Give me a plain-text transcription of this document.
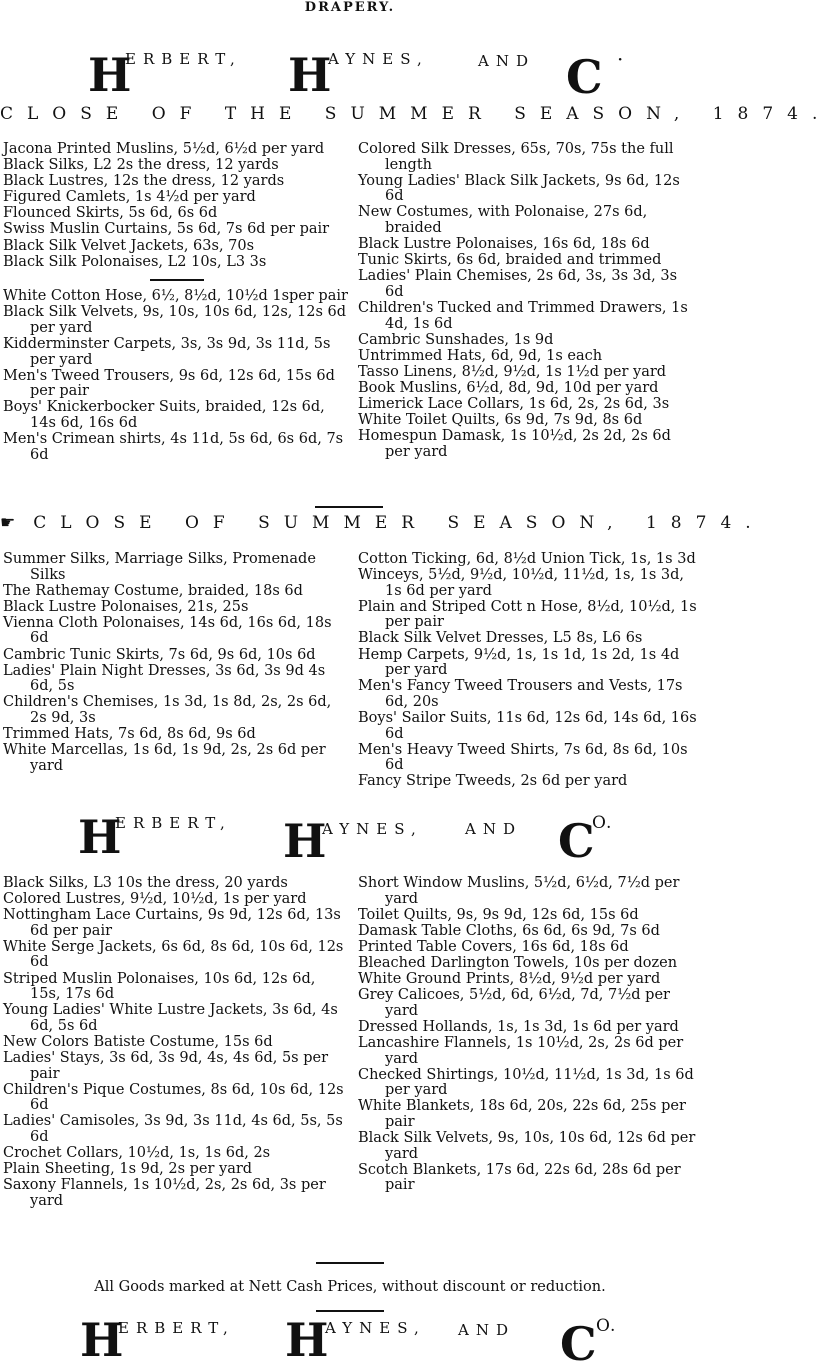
DRAPERY.
H
ERBERT, H
AYNES,	AND C ·
CLOSE OF THE SUMMER SEASON, 1874.
Jacona Printed Muslins, 5½d, 6½d per yard
Black Silks, L2 2s the dress, 12 yards
Black Lustres, 12s the dress, 12 yards
Figured Camlets, 1s 4½d per yard
Flounced Skirts, 5s 6d, 6s 6d
Swiss Muslin Curtains, 5s 6d, 7s 6d per pair
Black Silk Velvet Jackets, 63s, 70s
Black Silk Polonaises, L2 10s, L3 3s
White Cotton Hose, 6½, 8½d, 10½d 1sper pair
Black Silk Velvets, 9s, 10s, 10s 6d, 12s, 12s 6d per yard
Kidderminster Carpets, 3s, 3s 9d, 3s 11d, 5s per yard
Men's Tweed Trousers, 9s 6d, 12s 6d, 15s 6d per pair
Boys' Knickerbocker Suits, braided, 12s 6d, 14s 6d, 16s 6d
Men's Crimean shirts, 4s 11d, 5s 6d, 6s 6d, 7s 6d
Colored Silk Dresses, 65s, 70s, 75s the full length
Young Ladies' Black Silk Jackets, 9s 6d, 12s 6d
New Costumes, with Polonaise, 27s 6d, braided
Black Lustre Polonaises, 16s 6d, 18s 6d
Tunic Skirts, 6s 6d, braided and trimmed
Ladies' Plain Chemises, 2s 6d, 3s, 3s 3d, 3s 6d
Children's Tucked and Trimmed Drawers, 1s 4d, 1s 6d
Cambric Sunshades, 1s 9d
Untrimmed Hats, 6d, 9d, 1s each
Tasso Linens, 8½d, 9½d, 1s 1½d per yard
Book Muslins, 6½d, 8d, 9d, 10d per yard
Limerick Lace Collars, 1s 6d, 2s, 2s 6d, 3s
White Toilet Quilts, 6s 9d, 7s 9d, 8s 6d
Homespun Damask, 1s 10½d, 2s 2d, 2s 6d per yard
☛ CLOSE OF SUMMER SEASON, 1874.
Summer Silks, Marriage Silks, Promenade Silks
The Rathemay Costume, braided, 18s 6d
Black Lustre Polonaises, 21s, 25s
Vienna Cloth Polonaises, 14s 6d, 16s 6d, 18s 6d
Cambric Tunic Skirts, 7s 6d, 9s 6d, 10s 6d
Ladies' Plain Night Dresses, 3s 6d, 3s 9d 4s 6d, 5s
Children's Chemises, 1s 3d, 1s 8d, 2s, 2s 6d, 2s 9d, 3s
Trimmed Hats, 7s 6d, 8s 6d, 9s 6d
White Marcellas, 1s 6d, 1s 9d, 2s, 2s 6d per yard
Cotton Ticking, 6d, 8½d Union Tick, 1s, 1s 3d
Winceys, 5½d, 9½d, 10½d, 11½d, 1s, 1s 3d, 1s 6d per yard
Plain and Striped Cott n Hose, 8½d, 10½d, 1s per pair
Black Silk Velvet Dresses, L5 8s, L6 6s
Hemp Carpets, 9½d, 1s, 1s 1d, 1s 2d, 1s 4d per yard
Men's Fancy Tweed Trousers and Vests, 17s 6d, 20s
Boys' Sailor Suits, 11s 6d, 12s 6d, 14s 6d, 16s 6d
Men's Heavy Tweed Shirts, 7s 6d, 8s 6d, 10s 6d
Fancy Stripe Tweeds, 2s 6d per yard
H
ERBERT, H
AYNES,	AND C
O.
Black Silks, L3 10s the dress, 20 yards
Colored Lustres, 9½d, 10½d, 1s per yard
Nottingham Lace Curtains, 9s 9d, 12s 6d, 13s 6d per pair
White Serge Jackets, 6s 6d, 8s 6d, 10s 6d, 12s 6d
Striped Muslin Polonaises, 10s 6d, 12s 6d, 15s, 17s 6d
Young Ladies' White Lustre Jackets, 3s 6d, 4s 6d, 5s 6d
New Colors Batiste Costume, 15s 6d
Ladies' Stays, 3s 6d, 3s 9d, 4s, 4s 6d, 5s per pair
Children's Pique Costumes, 8s 6d, 10s 6d, 12s 6d
Ladies' Camisoles, 3s 9d, 3s 11d, 4s 6d, 5s, 5s 6d
Crochet Collars, 10½d, 1s, 1s 6d, 2s
Plain Sheeting, 1s 9d, 2s per yard
Saxony Flannels, 1s 10½d, 2s, 2s 6d, 3s per yard
Short Window Muslins, 5½d, 6½d, 7½d per yard
Toilet Quilts, 9s, 9s 9d, 12s 6d, 15s 6d
Damask Table Cloths, 6s 6d, 6s 9d, 7s 6d
Printed Table Covers, 16s 6d, 18s 6d
Bleached Darlington Towels, 10s per dozen
White Ground Prints, 8½d, 9½d per yard
Grey Calicoes, 5½d, 6d, 6½d, 7d, 7½d per yard
Dressed Hollands, 1s, 1s 3d, 1s 6d per yard
Lancashire Flannels, 1s 10½d, 2s, 2s 6d per yard
Checked Shirtings, 10½d, 11½d, 1s 3d, 1s 6d per yard
White Blankets, 18s 6d, 20s, 22s 6d, 25s per pair
Black Silk Velvets, 9s, 10s, 10s 6d, 12s 6d per yard
Scotch Blankets, 17s 6d, 22s 6d, 28s 6d per pair
All Goods marked at Nett Cash Prices, without discount or reduction.
H
ERBERT, H
AYNES, AND C O.
